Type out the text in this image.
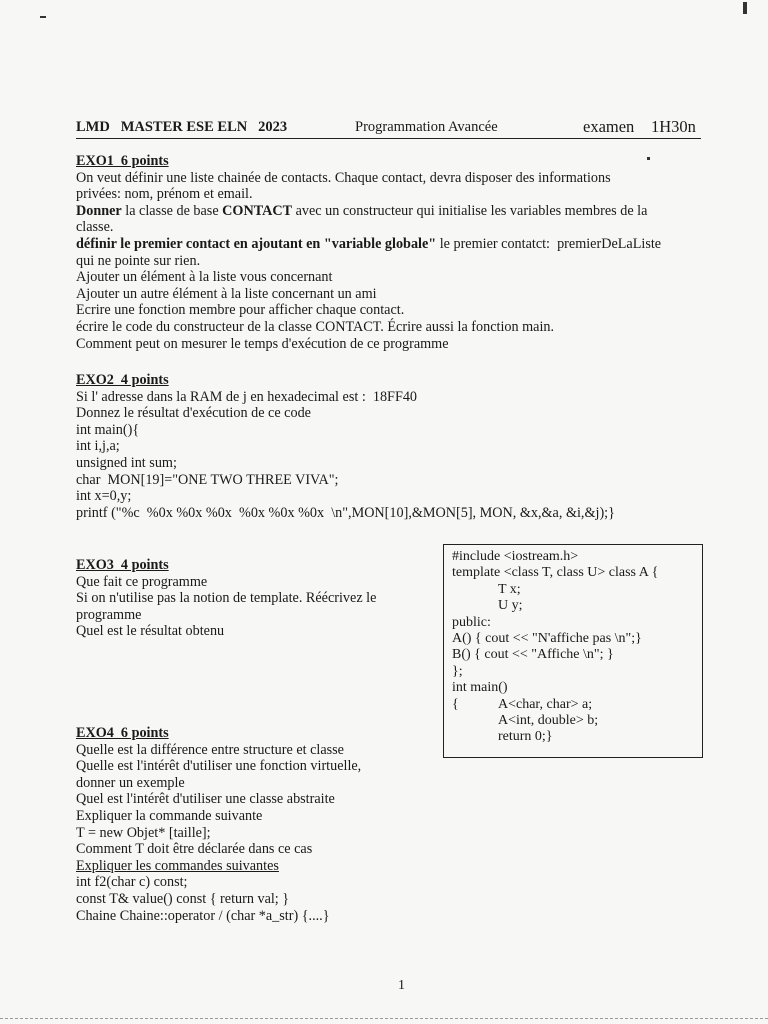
LMD   MASTER ESE ELN   2023	Programmation Avancée	examen 1H30n
EXO1  6 points
On veut définir une liste chainée de contacts. Chaque contact, devra disposer des informations
privées: nom, prénom et email.
Donner la classe de base CONTACT avec un constructeur qui initialise les variables membres de la
classe.
définir le premier contact en ajoutant en "variable globale" le premier contatct:  premierDeLaListe
qui ne pointe sur rien.
Ajouter un élément à la liste vous concernant
Ajouter un autre élément à la liste concernant un ami
Ecrire une fonction membre pour afficher chaque contact.
écrire le code du constructeur de la classe CONTACT. Écrire aussi la fonction main.
Comment peut on mesurer le temps d'exécution de ce programme
EXO2  4 points
Si l' adresse dans la RAM de j en hexadecimal est :  18FF40
Donnez le résultat d'exécution de ce code
int main(){
int i,j,a;
unsigned int sum;
char  MON[19]="ONE TWO THREE VIVA";
int x=0,y;
printf ("%c  %0x %0x %0x  %0x %0x %0x  \n",MON[10],&MON[5], MON, &x,&a, &i,&j);}
EXO3  4 points
Que fait ce programme
Si on n'utilise pas la notion de template. Réécrivez le
programme
Quel est le résultat obtenu
#include <iostream.h>
template <class T, class U> class A {
T x;
U y;
public:
A() { cout << "N'affiche pas \n";}
B() { cout << "Affiche \n"; }
};
int main()
{	A<char, char> a;
A<int, double> b;
return 0;}
EXO4  6 points
Quelle est la différence entre structure et classe
Quelle est l'intérêt d'utiliser une fonction virtuelle,
donner un exemple
Quel est l'intérêt d'utiliser une classe abstraite
Expliquer la commande suivante
T = new Objet* [taille];
Comment T doit être déclarée dans ce cas
Expliquer les commandes suivantes
int f2(char c) const;
const T& value() const { return val; }
Chaine Chaine::operator / (char *a_str) {....}
1
